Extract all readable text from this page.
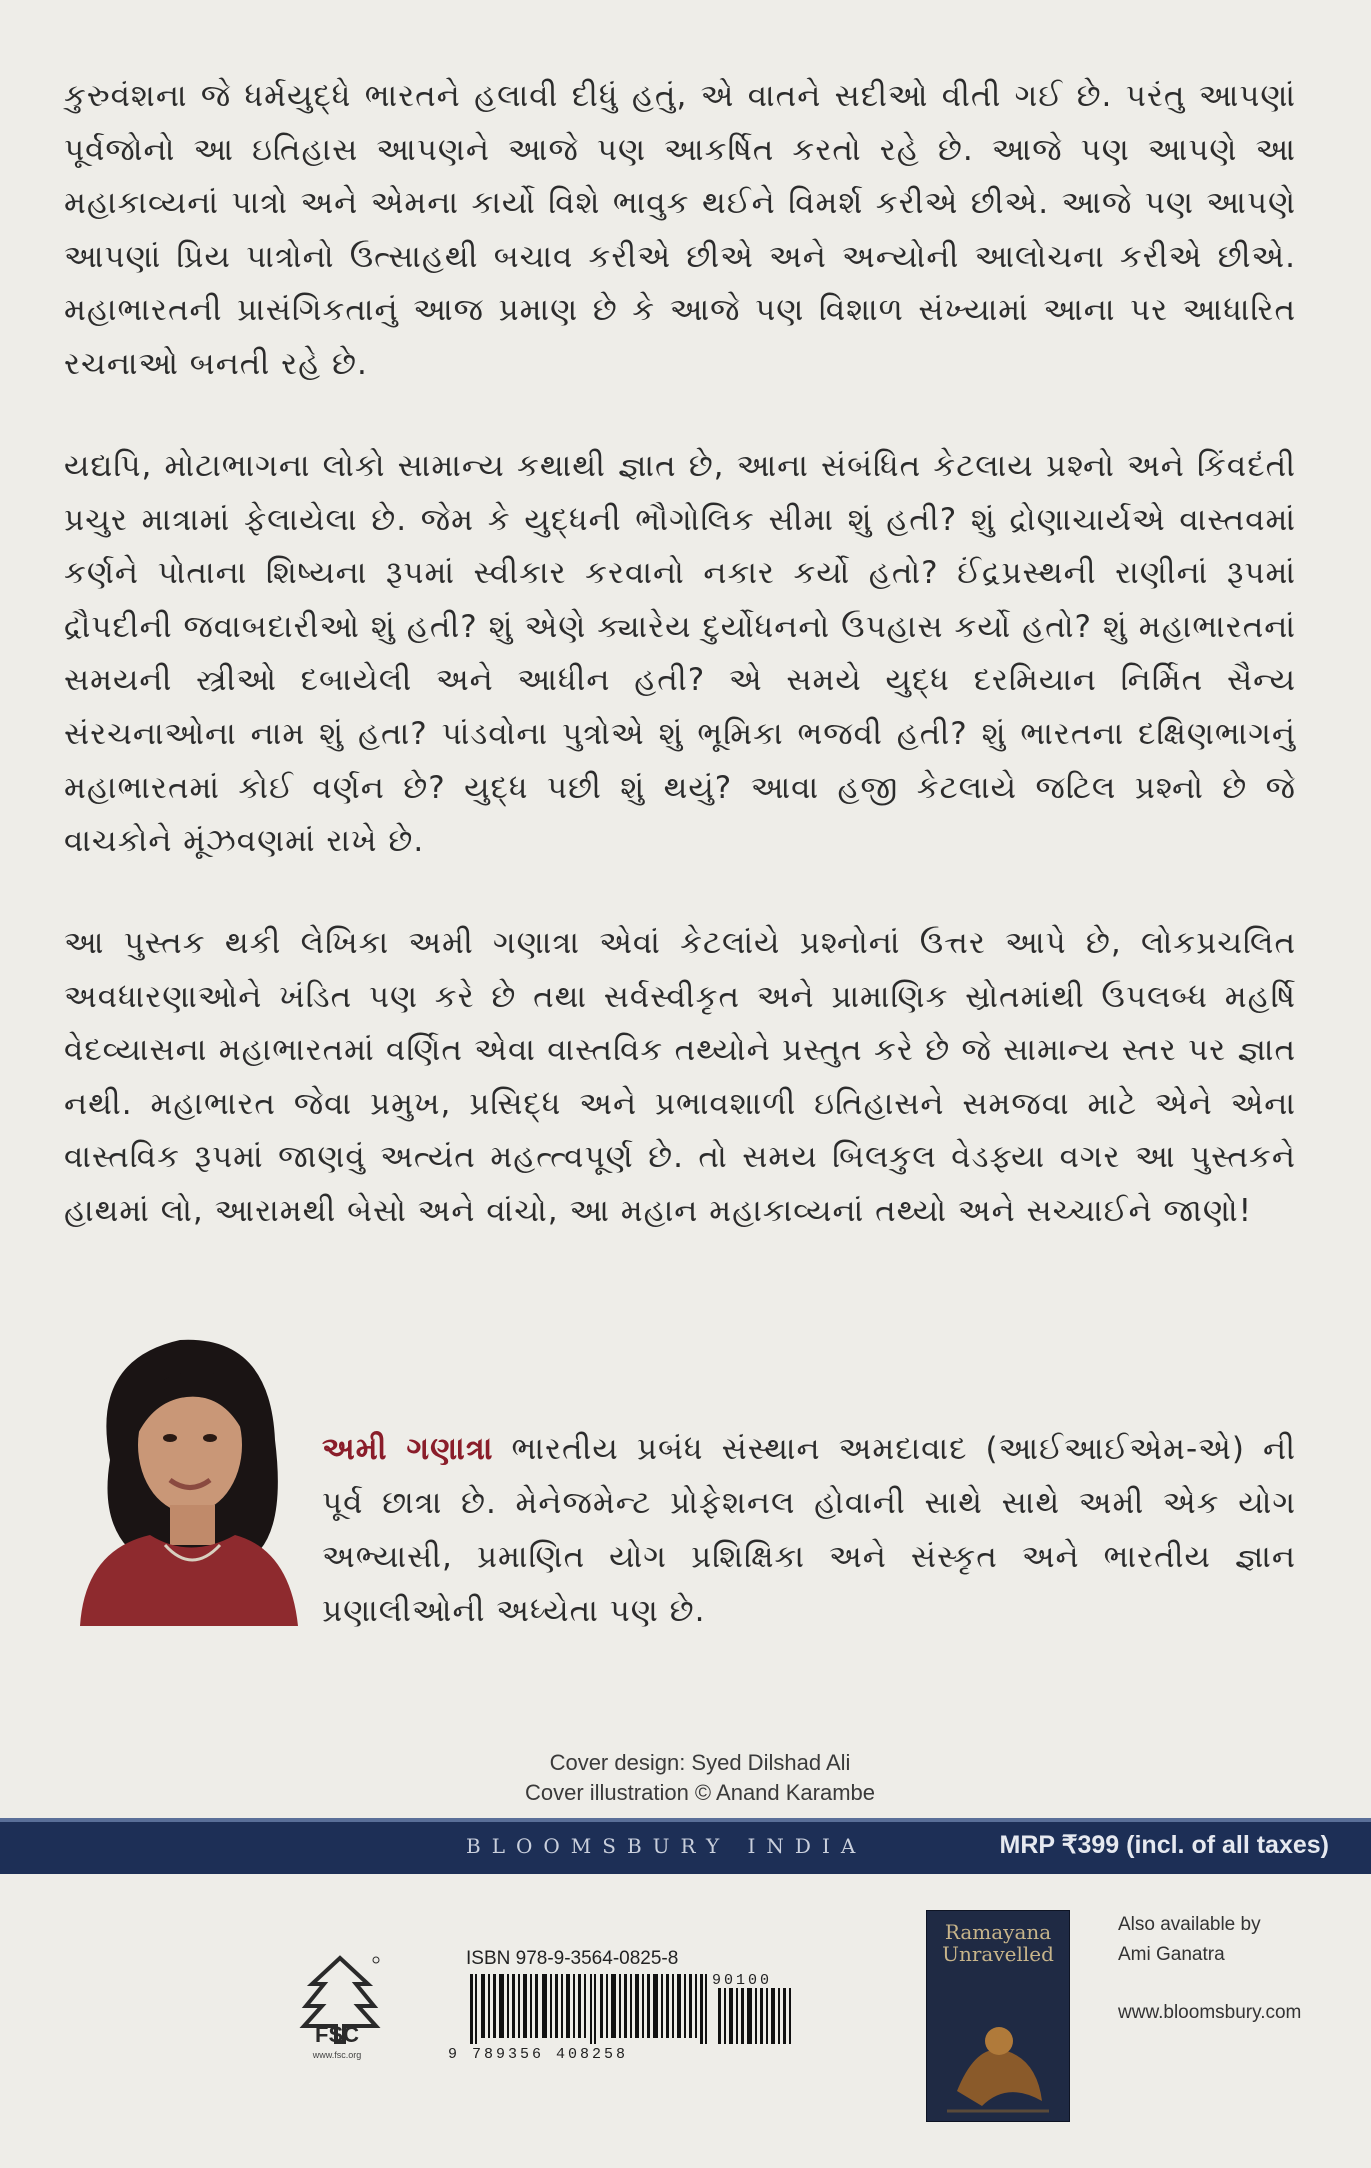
કુરુવંશના જે ધર્મયુદ્ધે ભારતને હલાવી દીધું હતું, એ વાતને સદીઓ વીતી ગઈ છે. પરંતુ આપણાં પૂર્વજોનો આ ઇતિહાસ આપણને આજે પણ આકર્ષિત કરતો રહે છે. આજે પણ આપણે આ મહાકાવ્યનાં પાત્રો અને એમના કાર્યો વિશે ભાવુક થઈને વિમર્શ કરીએ છીએ. આજે પણ આપણે આપણાં પ્રિય પાત્રોનો ઉત્સાહથી બચાવ કરીએ છીએ અને અન્યોની આલોચના કરીએ છીએ. મહાભારતની પ્રાસંગિકતાનું આજ પ્રમાણ છે કે આજે પણ વિશાળ સંખ્યામાં આના પર આધારિત રચનાઓ બનતી રહે છે.

યદ્યપિ, મોટાભાગના લોકો સામાન્ય કથાથી જ્ઞાત છે, આના સંબંધિત કેટલાય પ્રશ્નો અને કિંવદંતી પ્રચુર માત્રામાં ફેલાયેલા છે. જેમ કે યુદ્ધની ભૌગોલિક સીમા શું હતી? શું દ્રોણાચાર્યએ વાસ્તવમાં કર્ણને પોતાના શિષ્યના રૂપમાં સ્વીકાર કરવાનો નકાર કર્યો હતો? ઈંદ્રપ્રસ્થની રાણીનાં રૂપમાં દ્રૌપદીની જવાબદારીઓ શું હતી? શું એણે ક્યારેય દુર્યોધનનો ઉપહાસ કર્યો હતો? શું મહાભારતનાં સમયની સ્ત્રીઓ દબાયેલી અને આધીન હતી? એ સમયે યુદ્ધ દરમિયાન નિર્મિત સૈન્ય સંરચનાઓના નામ શું હતા? પાંડવોના પુત્રોએ શું ભૂમિકા ભજવી હતી? શું ભારતના દક્ષિણભાગનું મહાભારતમાં કોઈ વર્ણન છે? યુદ્ધ પછી શું થયું? આવા હજી કેટલાયે જટિલ પ્રશ્નો છે જે વાચકોને મૂંઝવણમાં રાખે છે.

આ પુસ્તક થકી લેખિકા અમી ગણાત્રા એવાં કેટલાંયે પ્રશ્નોનાં ઉત્તર આપે છે, લોકપ્રચલિત અવધારણાઓને ખંડિત પણ કરે છે તથા સર્વસ્વીકૃત અને પ્રામાણિક સ્રોતમાંથી ઉપલબ્ધ મહર્ષિ વેદવ્યાસના મહાભારતમાં વર્ણિત એવા વાસ્તવિક તથ્યોને પ્રસ્તુત કરે છે જે સામાન્ય સ્તર પર જ્ઞાત નથી. મહાભારત જેવા પ્રમુખ, પ્રસિદ્ધ અને પ્રભાવશાળી ઇતિહાસને સમજવા માટે એને એના વાસ્તવિક રૂપમાં જાણવું અત્યંત મહત્ત્વપૂર્ણ છે. તો સમય બિલકુલ વેડફ્યા વગર આ પુસ્તકને હાથમાં લો, આરામથી બેસો અને વાંચો, આ મહાન મહાકાવ્યનાં તથ્યો અને સચ્ચાઈને જાણો!

અમી ગણાત્રા ભારતીય પ્રબંધ સંસ્થાન અમદાવાદ (આઈઆઈએમ-એ) ની પૂર્વ છાત્રા છે. મેનેજમેન્ટ પ્રોફેશનલ હોવાની સાથે સાથે અમી એક યોગ અભ્યાસી, પ્રમાણિત યોગ પ્રશિક્ષિકા અને સંસ્કૃત અને ભારતીય જ્ઞાન પ્રણાલીઓની અધ્યેતા પણ છે.
Cover design: Syed Dilshad Ali
Cover illustration © Anand Karambe
BLOOMSBURY INDIA	MRP ₹399 (incl. of all taxes)
FSC
www.fsc.org
ISBN 978-9-3564-0825-8
90100
9 789356 408258
Ramayana Unravelled
Also available by
Ami Ganatra
www.bloomsbury.com
